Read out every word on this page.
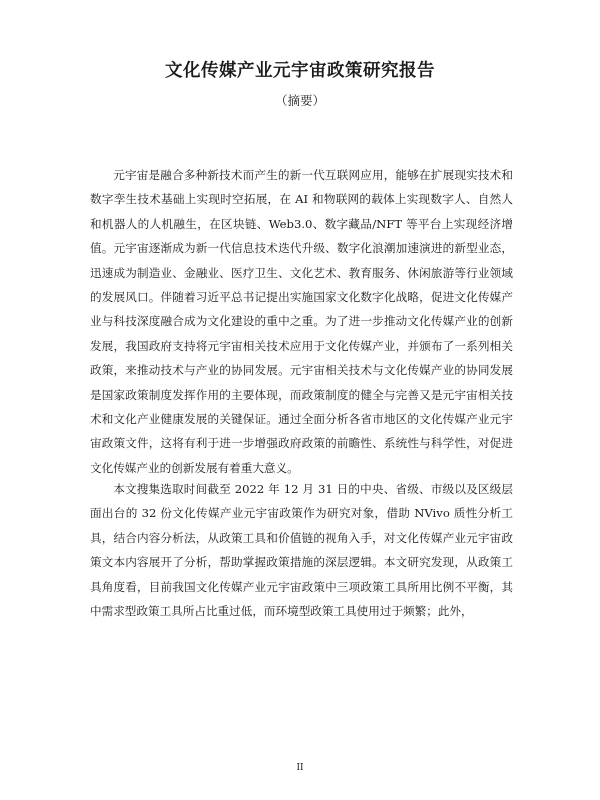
文化传媒产业元宇宙政策研究报告

（摘要）

元宇宙是融合多种新技术而产生的新一代互联网应用，能够在扩展现实技术和数字孪生技术基础上实现时空拓展，在 AI 和物联网的载体上实现数字人、自然人和机器人的人机融生，在区块链、Web3.0、数字藏品/NFT 等平台上实现经济增值。元宇宙逐渐成为新一代信息技术迭代升级、数字化浪潮加速演进的新型业态，迅速成为制造业、金融业、医疗卫生、文化艺术、教育服务、休闲旅游等行业领域的发展风口。伴随着习近平总书记提出实施国家文化数字化战略，促进文化传媒产业与科技深度融合成为文化建设的重中之重。为了进一步推动文化传媒产业的创新发展，我国政府支持将元宇宙相关技术应用于文化传媒产业，并颁布了一系列相关政策，来推动技术与产业的协同发展。元宇宙相关技术与文化传媒产业的协同发展是国家政策制度发挥作用的主要体现，而政策制度的健全与完善又是元宇宙相关技术和文化产业健康发展的关键保证。通过全面分析各省市地区的文化传媒产业元宇宙政策文件，这将有利于进一步增强政府政策的前瞻性、系统性与科学性，对促进文化传媒产业的创新发展有着重大意义。

本文搜集选取时间截至 2022 年 12 月 31 日的中央、省级、市级以及区级层面出台的 32 份文化传媒产业元宇宙政策作为研究对象，借助 NVivo 质性分析工具，结合内容分析法，从政策工具和价值链的视角入手，对文化传媒产业元宇宙政策文本内容展开了分析，帮助掌握政策措施的深层逻辑。本文研究发现，从政策工具角度看，目前我国文化传媒产业元宇宙政策中三项政策工具所用比例不平衡，其中需求型政策工具所占比重过低，而环境型政策工具使用过于频繁；此外，

II
